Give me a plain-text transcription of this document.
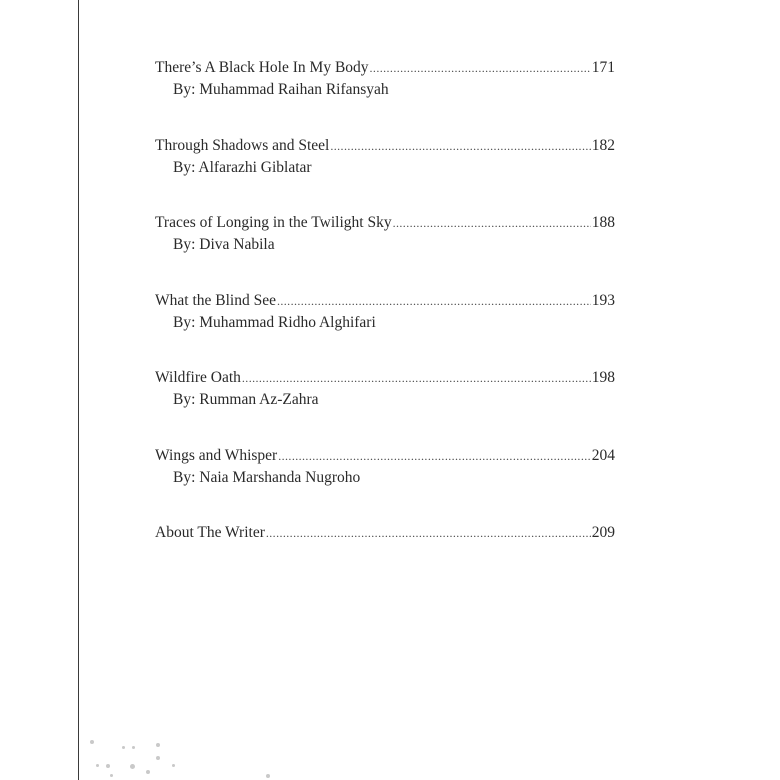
There’s A Black Hole In My Body .....	171
By: Muhammad Raihan Rifansyah
Through Shadows and Steel .....	182
By: Alfarazhi Giblatar
Traces of Longing in the Twilight Sky .....	188
By: Diva Nabila
What the Blind See .....	193
By: Muhammad Ridho Alghifari
Wildfire Oath .....	198
By: Rumman Az-Zahra
Wings and Whisper .....	204
By: Naia Marshanda Nugroho
About The Writer .....	209
